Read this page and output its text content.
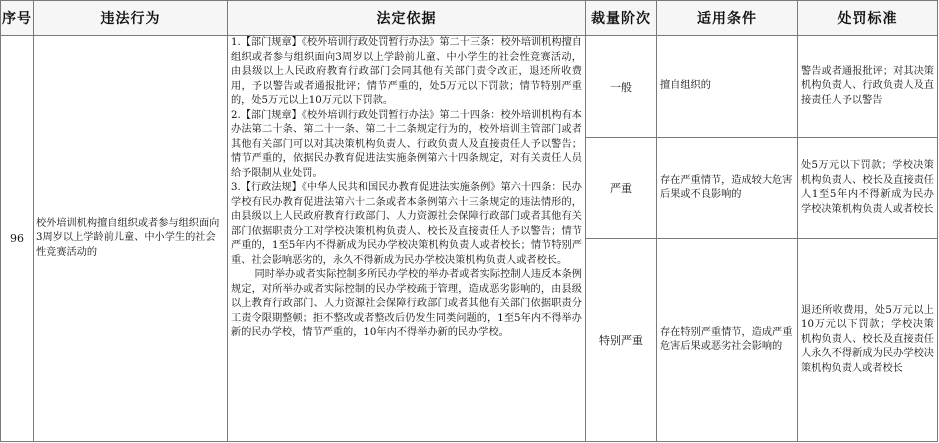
序号	违法行为	法定依据	裁量阶次	适用条件	处罚标准
96	校外培训机构擅自组织或者参与组织面向3周岁以上学龄前儿童、中小学生的社会性竞赛活动的	1.【部门规章】《校外培训行政处罚暂行办法》第二十三条：校外培训机构擅自组织或者参与组织面向3周岁以上学龄前儿童、中小学生的社会性竞赛活动，由县级以上人民政府教育行政部门会同其他有关部门责令改正，退还所收费用，予以警告或者通报批评；情节严重的，处5万元以下罚款；情节特别严重的，处5万元以上10万元以下罚款。

2.【部门规章】《校外培训行政处罚暂行办法》第二十四条：校外培训机构有本办法第二十条、第二十一条、第二十二条规定行为的，校外培训主管部门或者其他有关部门可以对其决策机构负责人、行政负责人及直接责任人予以警告；情节严重的，依据民办教育促进法实施条例第六十四条规定，对有关责任人员给予限制从业处罚。

3.【行政法规】《中华人民共和国民办教育促进法实施条例》第六十四条：民办学校有民办教育促进法第六十二条或者本条例第六十三条规定的违法情形的，由县级以上人民政府教育行政部门、人力资源社会保障行政部门或者其他有关部门依据职责分工对学校决策机构负责人、校长及直接责任人予以警告；情节严重的，1至5年内不得新成为民办学校决策机构负责人或者校长；情节特别严重、社会影响恶劣的，永久不得新成为民办学校决策机构负责人或者校长。

同时举办或者实际控制多所民办学校的举办者或者实际控制人违反本条例规定，对所举办或者实际控制的民办学校疏于管理，造成恶劣影响的，由县级以上教育行政部门、人力资源社会保障行政部门或者其他有关部门依据职责分工责令限期整顿；拒不整改或者整改后仍发生同类问题的，1至5年内不得举办新的民办学校，情节严重的，10年内不得举办新的民办学校。	一般	擅自组织的	警告或者通报批评；对其决策机构负责人、行政负责人及直接责任人予以警告
			严重	存在严重情节，造成较大危害后果或不良影响的	处5万元以下罚款；学校决策机构负责人、校长及直接责任人1至5年内不得新成为民办学校决策机构负责人或者校长
			特别严重	存在特别严重情节，造成严重危害后果或恶劣社会影响的	退还所收费用，处5万元以上10万元以下罚款；学校决策机构负责人、校长及直接责任人永久不得新成为民办学校决策机构负责人或者校长
